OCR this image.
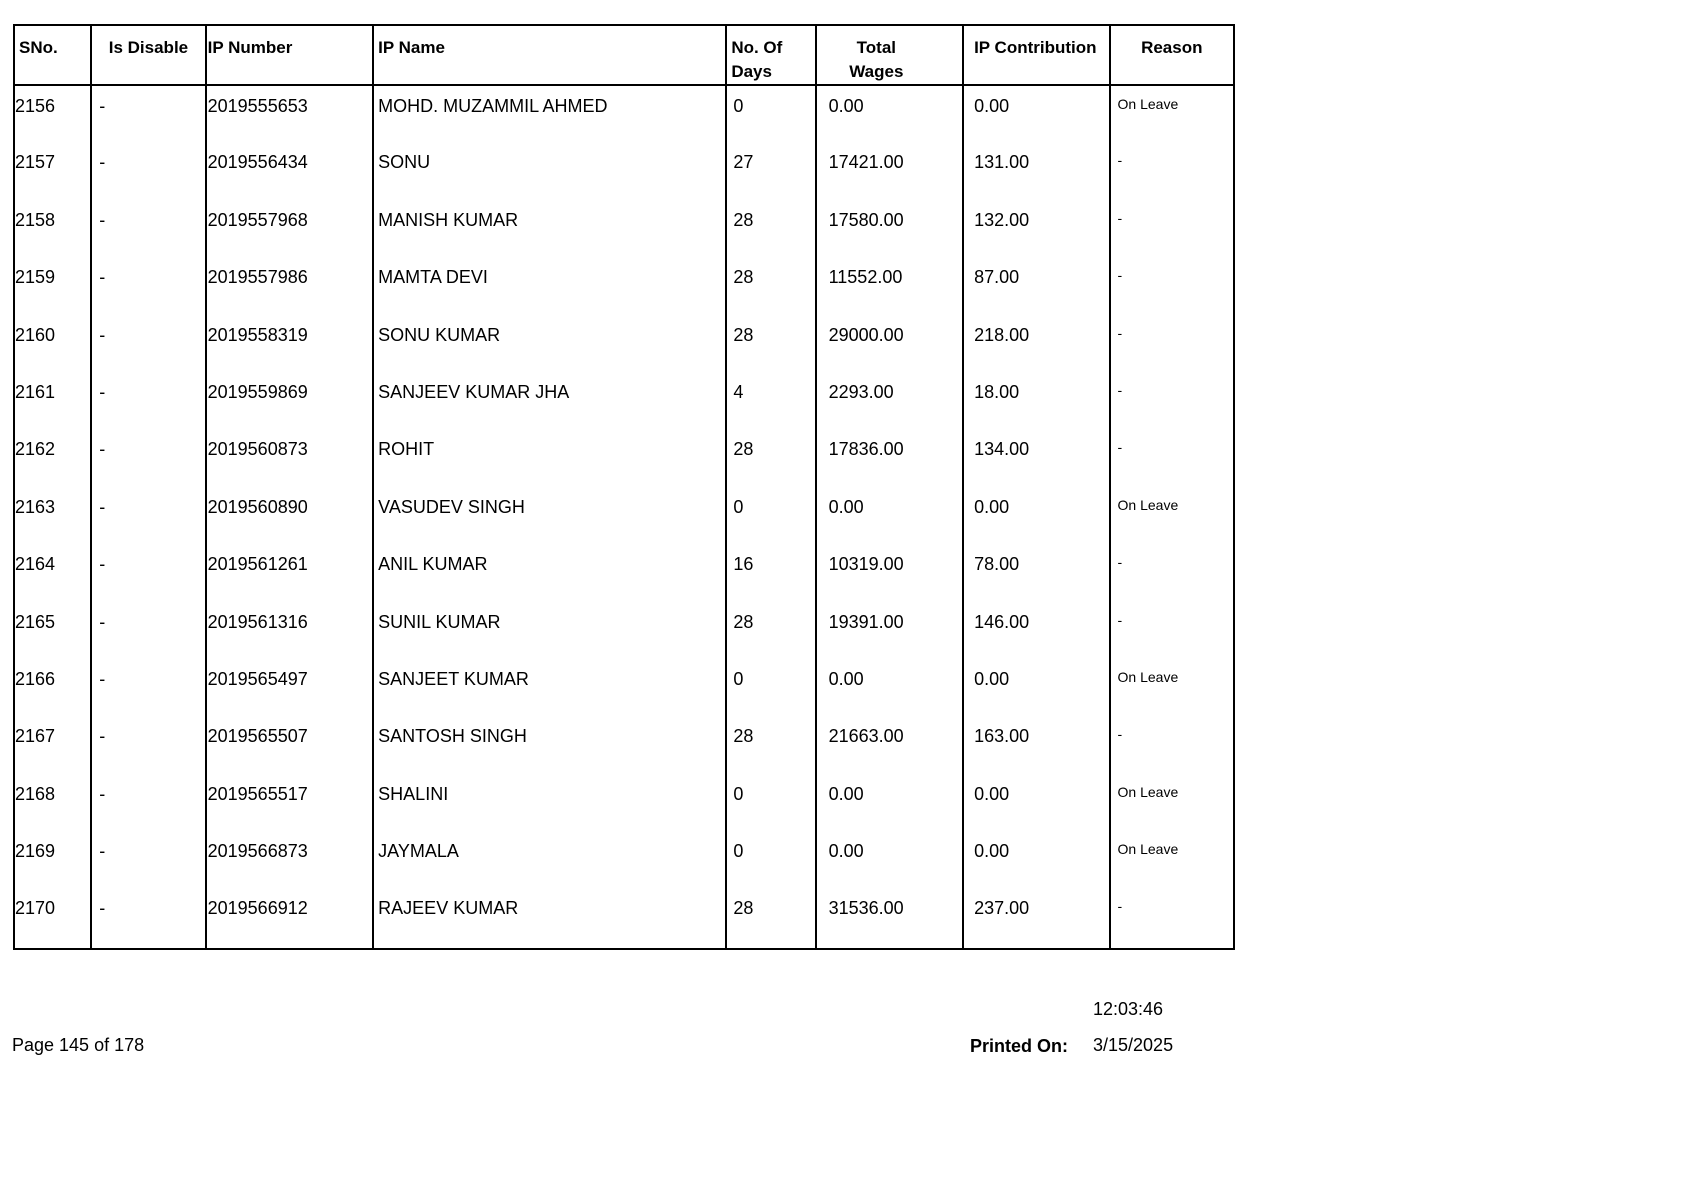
SNo.	Is Disable	IP Number	IP Name	No. Of Days	Total Wages	IP Contribution	Reason
2156	-	2019555653	MOHD. MUZAMMIL AHMED	0	0.00	0.00	On Leave
2157	-	2019556434	SONU	27	17421.00	131.00	-
2158	-	2019557968	MANISH KUMAR	28	17580.00	132.00	-
2159	-	2019557986	MAMTA DEVI	28	11552.00	87.00	-
2160	-	2019558319	SONU KUMAR	28	29000.00	218.00	-
2161	-	2019559869	SANJEEV KUMAR JHA	4	2293.00	18.00	-
2162	-	2019560873	ROHIT	28	17836.00	134.00	-
2163	-	2019560890	VASUDEV SINGH	0	0.00	0.00	On Leave
2164	-	2019561261	ANIL KUMAR	16	10319.00	78.00	-
2165	-	2019561316	SUNIL KUMAR	28	19391.00	146.00	-
2166	-	2019565497	SANJEET KUMAR	0	0.00	0.00	On Leave
2167	-	2019565507	SANTOSH SINGH	28	21663.00	163.00	-
2168	-	2019565517	SHALINI	0	0.00	0.00	On Leave
2169	-	2019566873	JAYMALA	0	0.00	0.00	On Leave
2170	-	2019566912	RAJEEV KUMAR	28	31536.00	237.00	-
Page 145 of 178
12:03:46
Printed On: 3/15/2025
